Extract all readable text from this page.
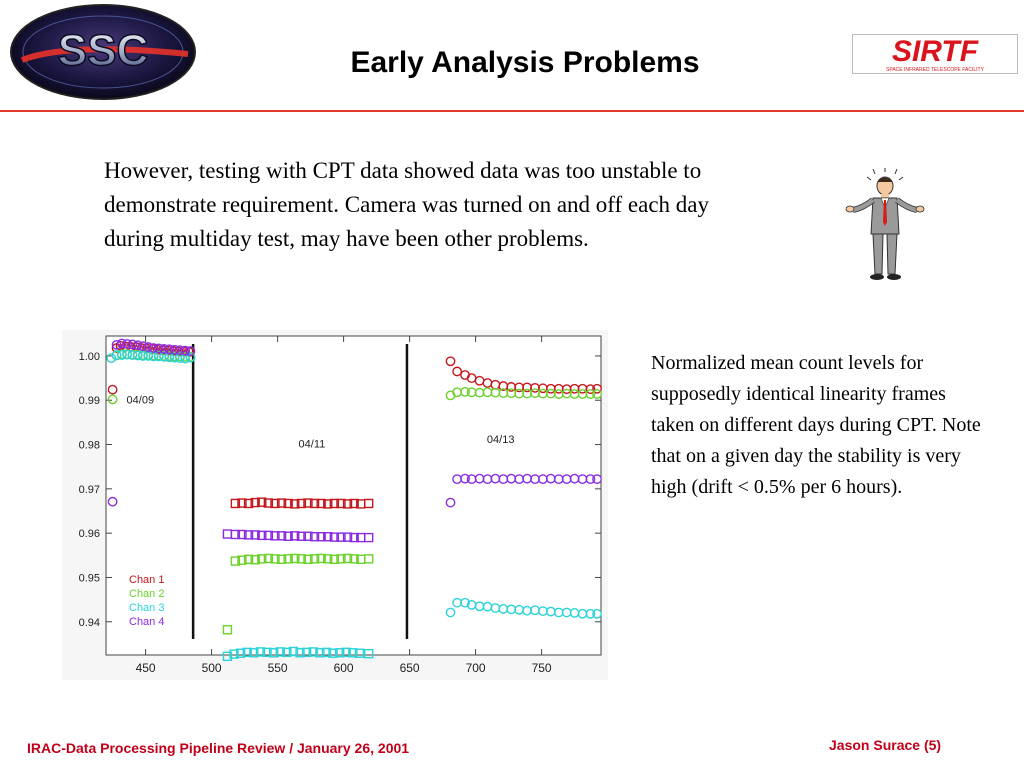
SSC	Early Analysis Problems	SIRTF
SPACE INFRARED TELESCOPE FACILITY
However, testing with CPT data showed data was too unstable to demonstrate requirement. Camera was turned on and off each day during multiday test, may have been other problems.
0.94
0.95
0.96
0.97
0.98
0.99
1.00
450	500	550	600	650	700	750
04/09
04/11	04/13
Chan 1
Chan 2
Chan 3
Chan 4
Normalized mean count levels for supposedly identical linearity frames taken on different days during CPT. Note that on a given day the stability is very high (drift < 0.5% per 6 hours).
IRAC-Data Processing Pipeline Review / January 26, 2001	Jason Surace (5)
